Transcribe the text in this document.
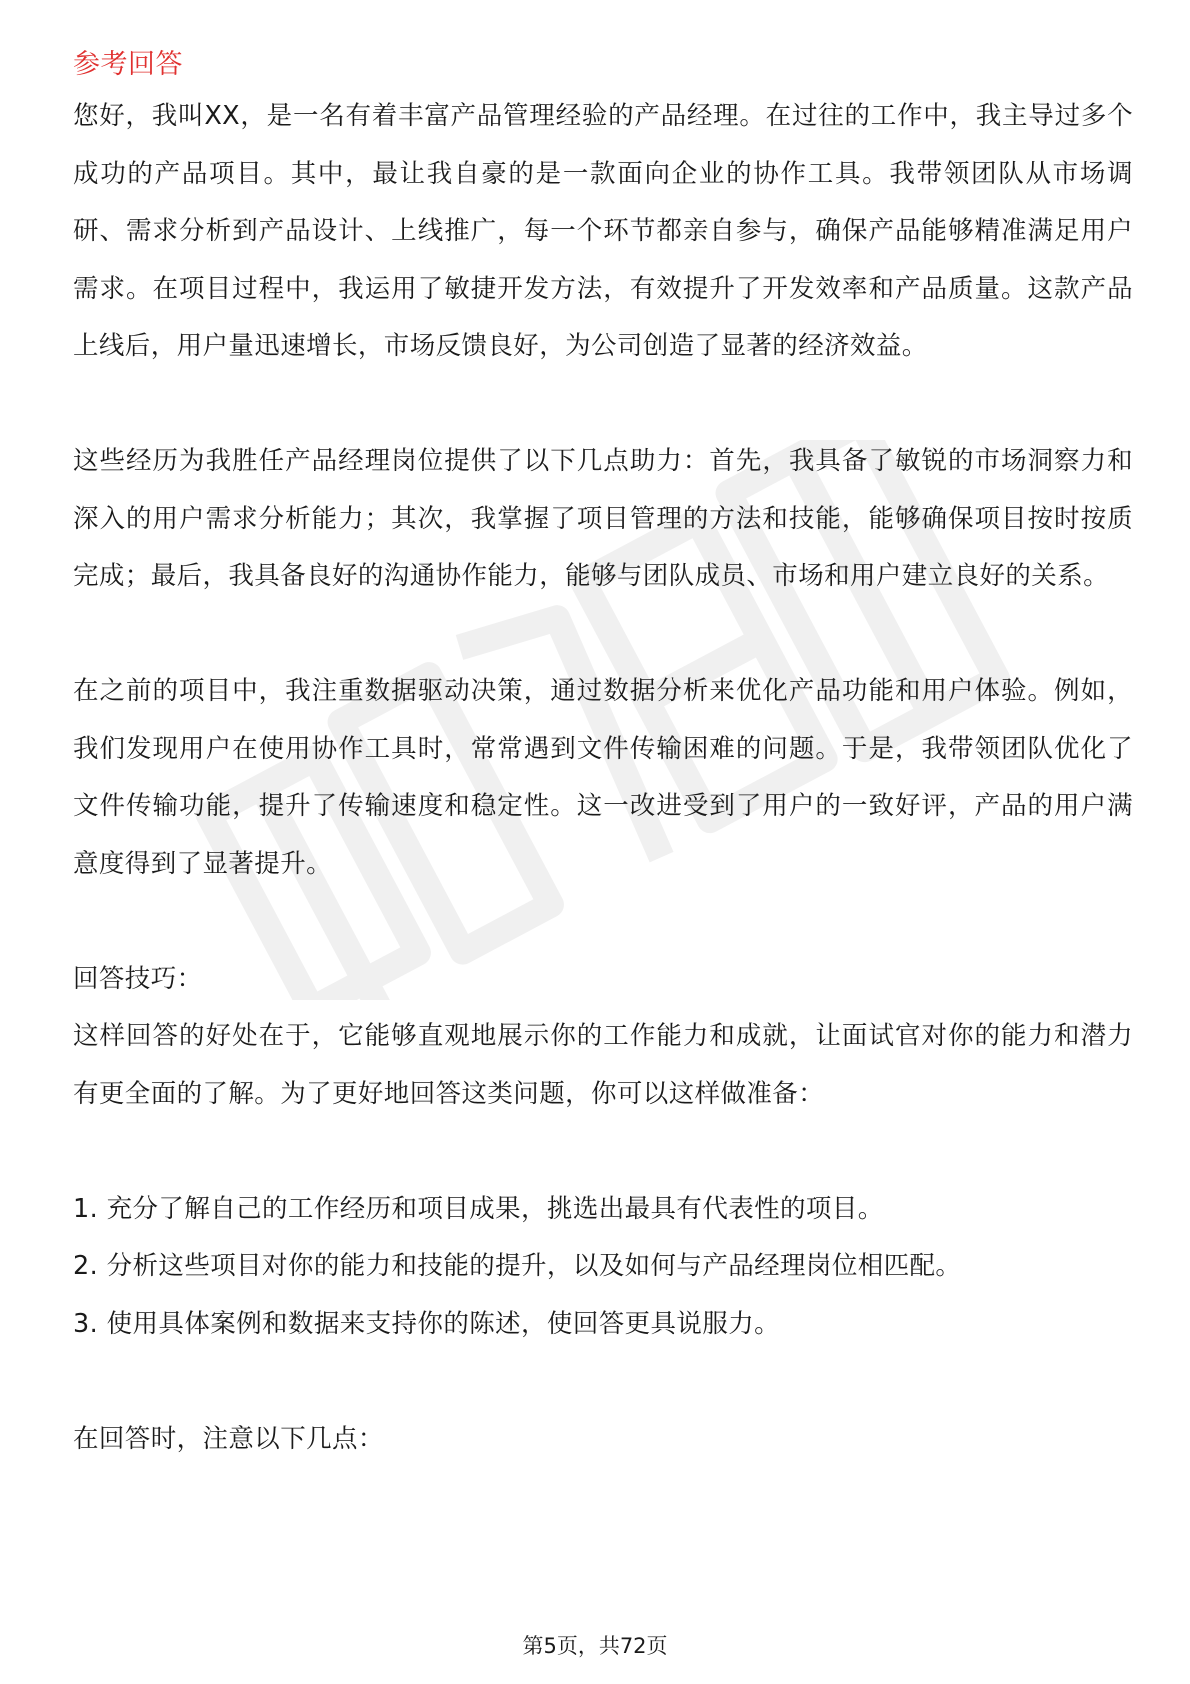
参考回答

您好，我叫XX，是一名有着丰富产品管理经验的产品经理。在过往的工作中，我主导过多个成功的产品项目。其中，最让我自豪的是一款面向企业的协作工具。我带领团队从市场调研、需求分析到产品设计、上线推广，每一个环节都亲自参与，确保产品能够精准满足用户需求。在项目过程中，我运用了敏捷开发方法，有效提升了开发效率和产品质量。这款产品上线后，用户量迅速增长，市场反馈良好，为公司创造了显著的经济效益。

这些经历为我胜任产品经理岗位提供了以下几点助力：首先，我具备了敏锐的市场洞察力和深入的用户需求分析能力；其次，我掌握了项目管理的方法和技能，能够确保项目按时按质完成；最后，我具备良好的沟通协作能力，能够与团队成员、市场和用户建立良好的关系。

在之前的项目中，我注重数据驱动决策，通过数据分析来优化产品功能和用户体验。例如，我们发现用户在使用协作工具时，常常遇到文件传输困难的问题。于是，我带领团队优化了文件传输功能，提升了传输速度和稳定性。这一改进受到了用户的一致好评，产品的用户满意度得到了显著提升。

回答技巧：

这样回答的好处在于，它能够直观地展示你的工作能力和成就，让面试官对你的能力和潜力有更全面的了解。为了更好地回答这类问题，你可以这样做准备：

1. 充分了解自己的工作经历和项目成果，挑选出最具有代表性的项目。
2. 分析这些项目对你的能力和技能的提升，以及如何与产品经理岗位相匹配。
3. 使用具体案例和数据来支持你的陈述，使回答更具说服力。

在回答时，注意以下几点：

第5页，共72页
